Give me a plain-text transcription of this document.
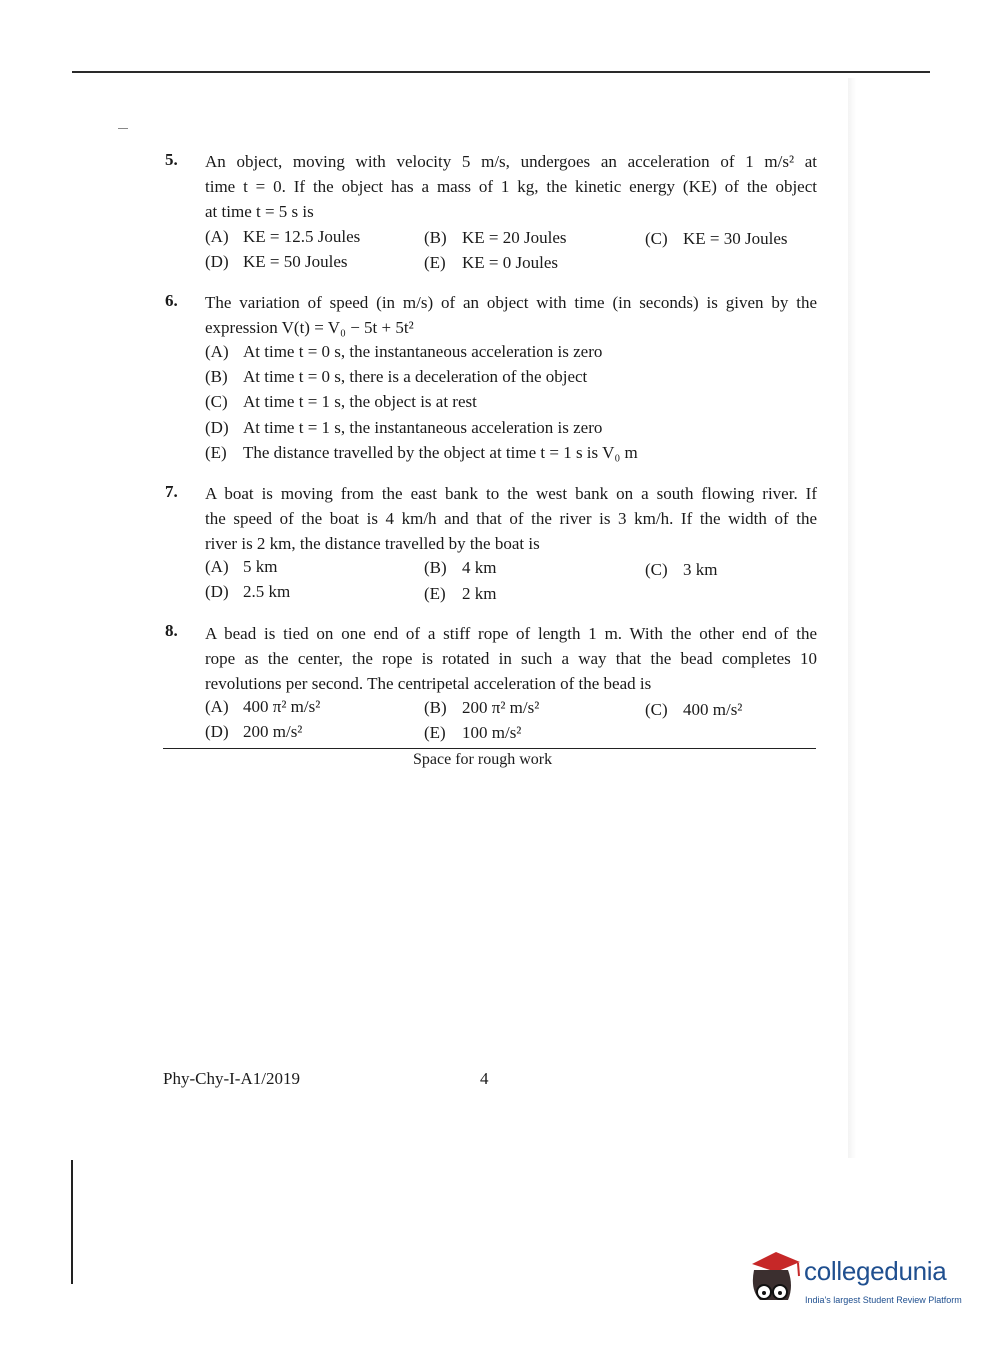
5. An object, moving with velocity 5 m/s, undergoes an acceleration of 1 m/s² at
time t = 0. If the object has a mass of 1 kg, the kinetic energy (KE) of the object
at time t = 5 s is
(A) KE = 12.5 Joules	(B) KE = 20 Joules	(C) KE = 30 Joules
(D) KE = 50 Joules	(E) KE = 0 Joules
6. The variation of speed (in m/s) of an object with time (in seconds) is given by the
expression V(t) = V₀ − 5t + 5t²
(A) At time t = 0 s, the instantaneous acceleration is zero
(B) At time t = 0 s, there is a deceleration of the object
(C) At time t = 1 s, the object is at rest
(D) At time t = 1 s, the instantaneous acceleration is zero
(E) The distance travelled by the object at time t = 1 s is V₀ m
7. A boat is moving from the east bank to the west bank on a south flowing river. If
the speed of the boat is 4 km/h and that of the river is 3 km/h. If the width of the
river is 2 km, the distance travelled by the boat is
(A) 5 km	(B) 4 km	(C) 3 km
(D) 2.5 km	(E) 2 km
8. A bead is tied on one end of a stiff rope of length 1 m. With the other end of the
rope as the center, the rope is rotated in such a way that the bead completes 10
revolutions per second. The centripetal acceleration of the bead is
(A) 400 π² m/s²	(B) 200 π² m/s²	(C) 400 m/s²
(D) 200 m/s²	(E) 100 m/s²
Space for rough work
Phy-Chy-I-A1/2019	4
collegedunia
India's largest Student Review Platform
